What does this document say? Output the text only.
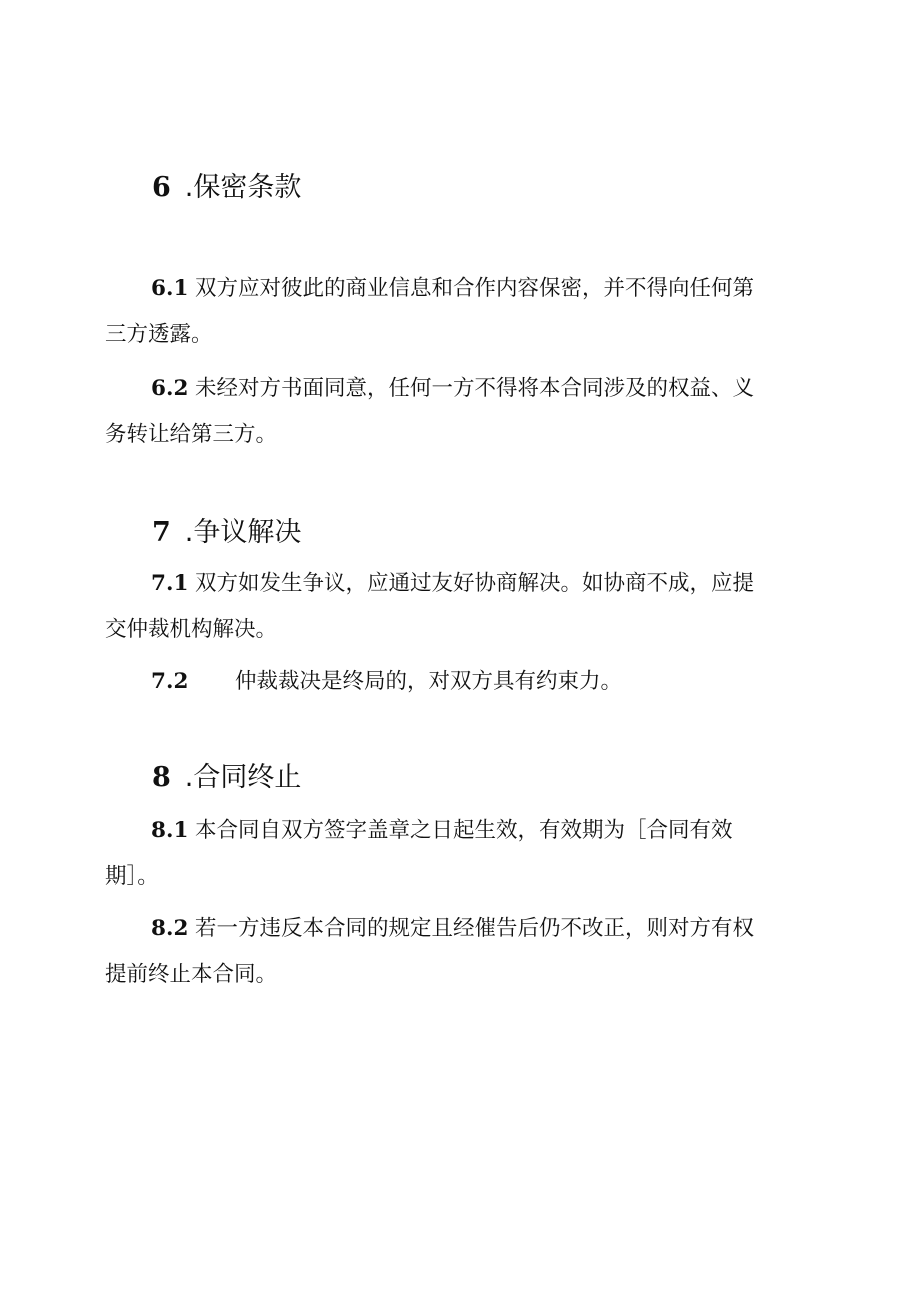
6 .保密条款
6.1 双方应对彼此的商业信息和合作内容保密，并不得向任何第
三方透露。
6.2 未经对方书面同意，任何一方不得将本合同涉及的权益、义
务转让给第三方。
7 .争议解决
7.1 双方如发生争议，应通过友好协商解决。如协商不成，应提
交仲裁机构解决。
7.2 仲裁裁决是终局的，对双方具有约束力。
8 .合同终止
8.1 本合同自双方签字盖章之日起生效，有效期为［合同有效
期］。
8.2 若一方违反本合同的规定且经催告后仍不改正，则对方有权
提前终止本合同。
